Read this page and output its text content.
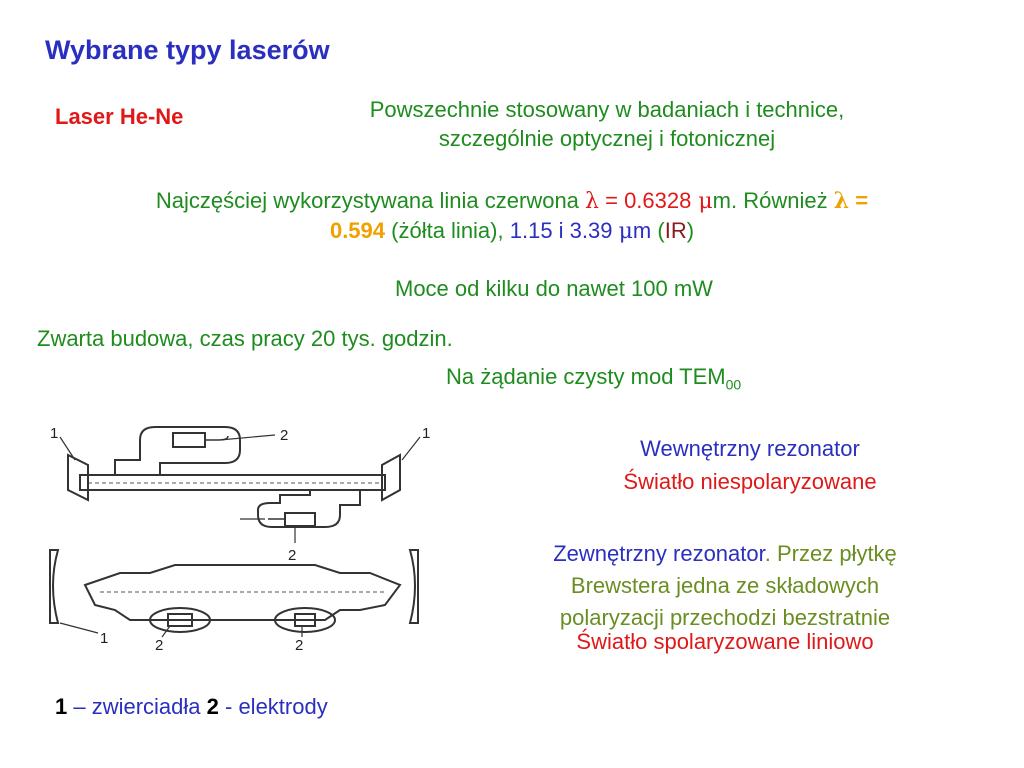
Wybrane typy laserów
Laser He-Ne	Powszechnie stosowany w badaniach i technice,
szczególnie optycznej i fotonicznej
Najczęściej wykorzystywana linia czerwona λ = 0.6328 μm. Również λ =
0.594 (żółta linia), 1.15 i 3.39 μm (IR)
Moce od kilku do nawet 100 mW
Zwarta budowa, czas pracy 20 tys. godzin.
Na żądanie czysty mod $TEM_{00}$
1	1
2
2
1	2	2
Wewnętrzny rezonator
Światło niespolaryzowane
Zewnętrzny rezonator. Przez płytkę
Brewstera jedna ze składowych
polaryzacji przechodzi bezstratnie
Światło spolaryzowane liniowo
1 – zwierciadła 2 - elektrody
